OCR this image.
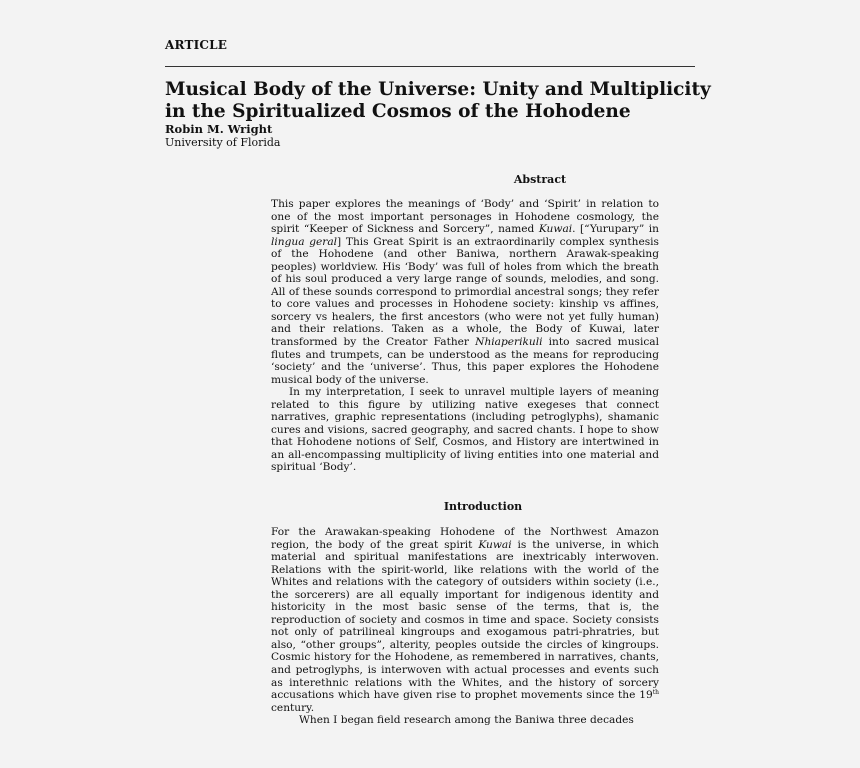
ARTICLE
Musical Body of the Universe: Unity and Multiplicity
in the Spiritualized Cosmos of the Hohodene
Robin M. Wright
University of Florida
Abstract

This paper explores the meanings of ‘Body’ and ‘Spirit’ in relation to one of the most important personages in Hohodene cosmology, the spirit “Keeper of Sickness and Sorcery”, named Kuwai. [“Yurupary” in lingua geral] This Great Spirit is an extraordinarily complex synthesis of the Hohodene (and other Baniwa, northern Arawak-speaking peoples) worldview. His ‘Body’ was full of holes from which the breath of his soul produced a very large range of sounds, melodies, and song. All of these sounds correspond to primordial ancestral songs; they refer to core values and processes in Hohodene society: kinship vs affines, sorcery vs healers, the first ancestors (who were not yet fully human) and their relations. Taken as a whole, the Body of Kuwai, later transformed by the Creator Father Nhiaperikuli into sacred musical flutes and trumpets, can be understood as the means for reproducing ‘society’ and the ‘universe’. Thus, this paper explores the Hohodene musical body of the universe.

In my interpretation, I seek to unravel multiple layers of meaning related to this figure by utilizing native exegeses that connect narratives, graphic representations (including petroglyphs), shamanic cures and visions, sacred geography, and sacred chants. I hope to show that Hohodene notions of Self, Cosmos, and History are intertwined in an all-encompassing multiplicity of living entities into one material and spiritual ‘Body’.

Introduction

For the Arawakan-speaking Hohodene of the Northwest Amazon region, the body of the great spirit Kuwai is the universe, in which material and spiritual manifestations are inextricably interwoven. Relations with the spirit-world, like relations with the world of the Whites and relations with the category of outsiders within society (i.e., the sorcerers) are all equally important for indigenous identity and historicity in the most basic sense of the terms, that is, the reproduction of society and cosmos in time and space. Society consists not only of patrilineal kingroups and exogamous patri-phratries, but also, “other groups”, alterity, peoples outside the circles of kingroups. Cosmic history for the Hohodene, as remembered in narratives, chants, and petroglyphs, is interwoven with actual processes and events such as interethnic relations with the Whites, and the history of sorcery accusations which have given rise to prophet movements since the 19th century.

When I began field research among the Baniwa three decades
